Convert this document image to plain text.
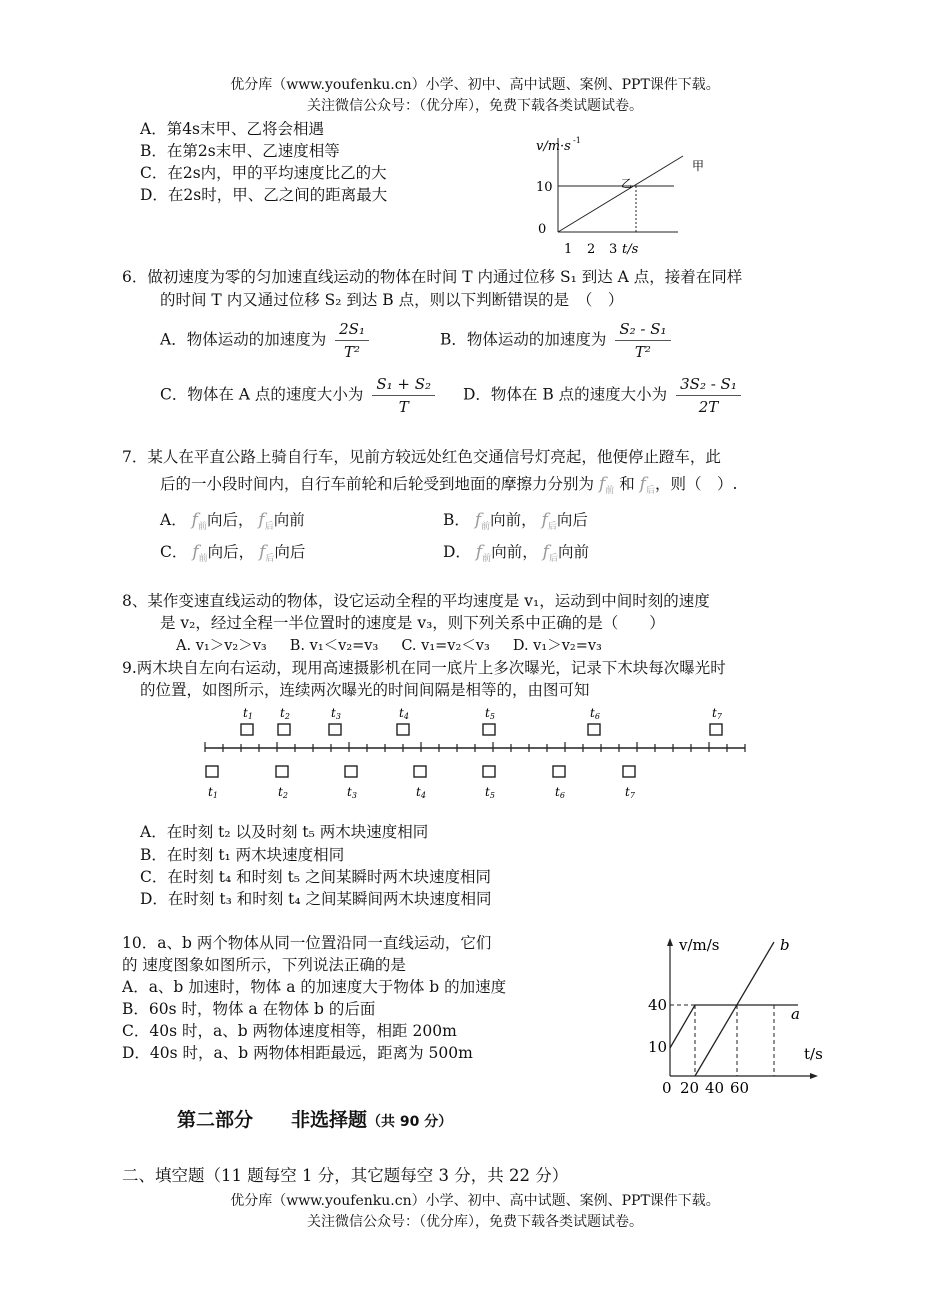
优分库（www.youfenku.cn）小学、初中、高中试题、案例、PPT课件下载。
关注微信公众号：（优分库），免费下载各类试题试卷。
A．第4s末甲、乙将会相遇
B．在第2s末甲、乙速度相等
C．在2s内，甲的平均速度比乙的大
D．在2s时，甲、乙之间的距离最大
v/m·s -1
10
0
1 2 3 t/s
甲
乙
6．做初速度为零的匀加速直线运动的物体在时间 T 内通过位移 S₁ 到达 A 点，接着在同样
的时间 T 内又通过位移 S₂ 到达 B 点，则以下判断错误的是　（　）
A．物体运动的加速度为 $\frac{\text{2S₁}}{\text{T²}}$	B．物体运动的加速度为 $\frac{\text{S₂ - S₁}}{\text{T²}}$
C．物体在 A 点的速度大小为 $\frac{\text{S₁ + S₂}}{T}$ D．物体在 B 点的速度大小为 $\frac{\text{3S₂ - S₁}}{2T}$
7．某人在平直公路上骑自行车，见前方较远处红色交通信号灯亮起，他便停止蹬车，此
后的一小段时间内，自行车前轮和后轮受到地面的摩擦力分别为 $f_前$ 和 $f_后$，则（　）.
A． $f_前$向后， $f_后$向前	B． $f_前$向前， $f_后$向后
C． $f_前$向后， $f_后$向后	D． $f_前$向前， $f_后$向前
8、某作变速直线运动的物体，设它运动全程的平均速度是 v₁，运动到中间时刻的速度
是 v₂，经过全程一半位置时的速度是 v₃，则下列关系中正确的是（　　）
A. v₁＞v₂＞v₃ B. v₁＜v₂=v₃ C. v₁=v₂＜v₃ D. v₁＞v₂=v₃
9.两木块自左向右运动，现用高速摄影机在同一底片上多次曝光，记录下木块每次曝光时
的位置，如图所示，连续两次曝光的时间间隔是相等的，由图可知
t1 t2	t3	t4	t5	t6	t7
t1	t2	t3	t4	t5	t6	t7
A．在时刻 t₂ 以及时刻 t₅ 两木块速度相同
B．在时刻 t₁ 两木块速度相同
C．在时刻 t₄ 和时刻 t₅ 之间某瞬时两木块速度相同
D．在时刻 t₃ 和时刻 t₄ 之间某瞬间两木块速度相同
10．a、b 两个物体从同一位置沿同一直线运动，它们
的 速度图象如图所示，下列说法正确的是
A．a、b 加速时，物体 a 的加速度大于物体 b 的加速度
B．60s 时，物体 a 在物体 b 的后面
C．40s 时，a、b 两物体速度相等，相距 200m
D．40s 时，a、b 两物体相距最远，距离为 500m
v/m/s
t/s
40
10
0 20 40 60
b
a
第二部分　　非选择题（共 90 分）
二、填空题（11 题每空 1 分，其它题每空 3 分，共 22 分）
优分库（www.youfenku.cn）小学、初中、高中试题、案例、PPT课件下载。
关注微信公众号：（优分库），免费下载各类试题试卷。
